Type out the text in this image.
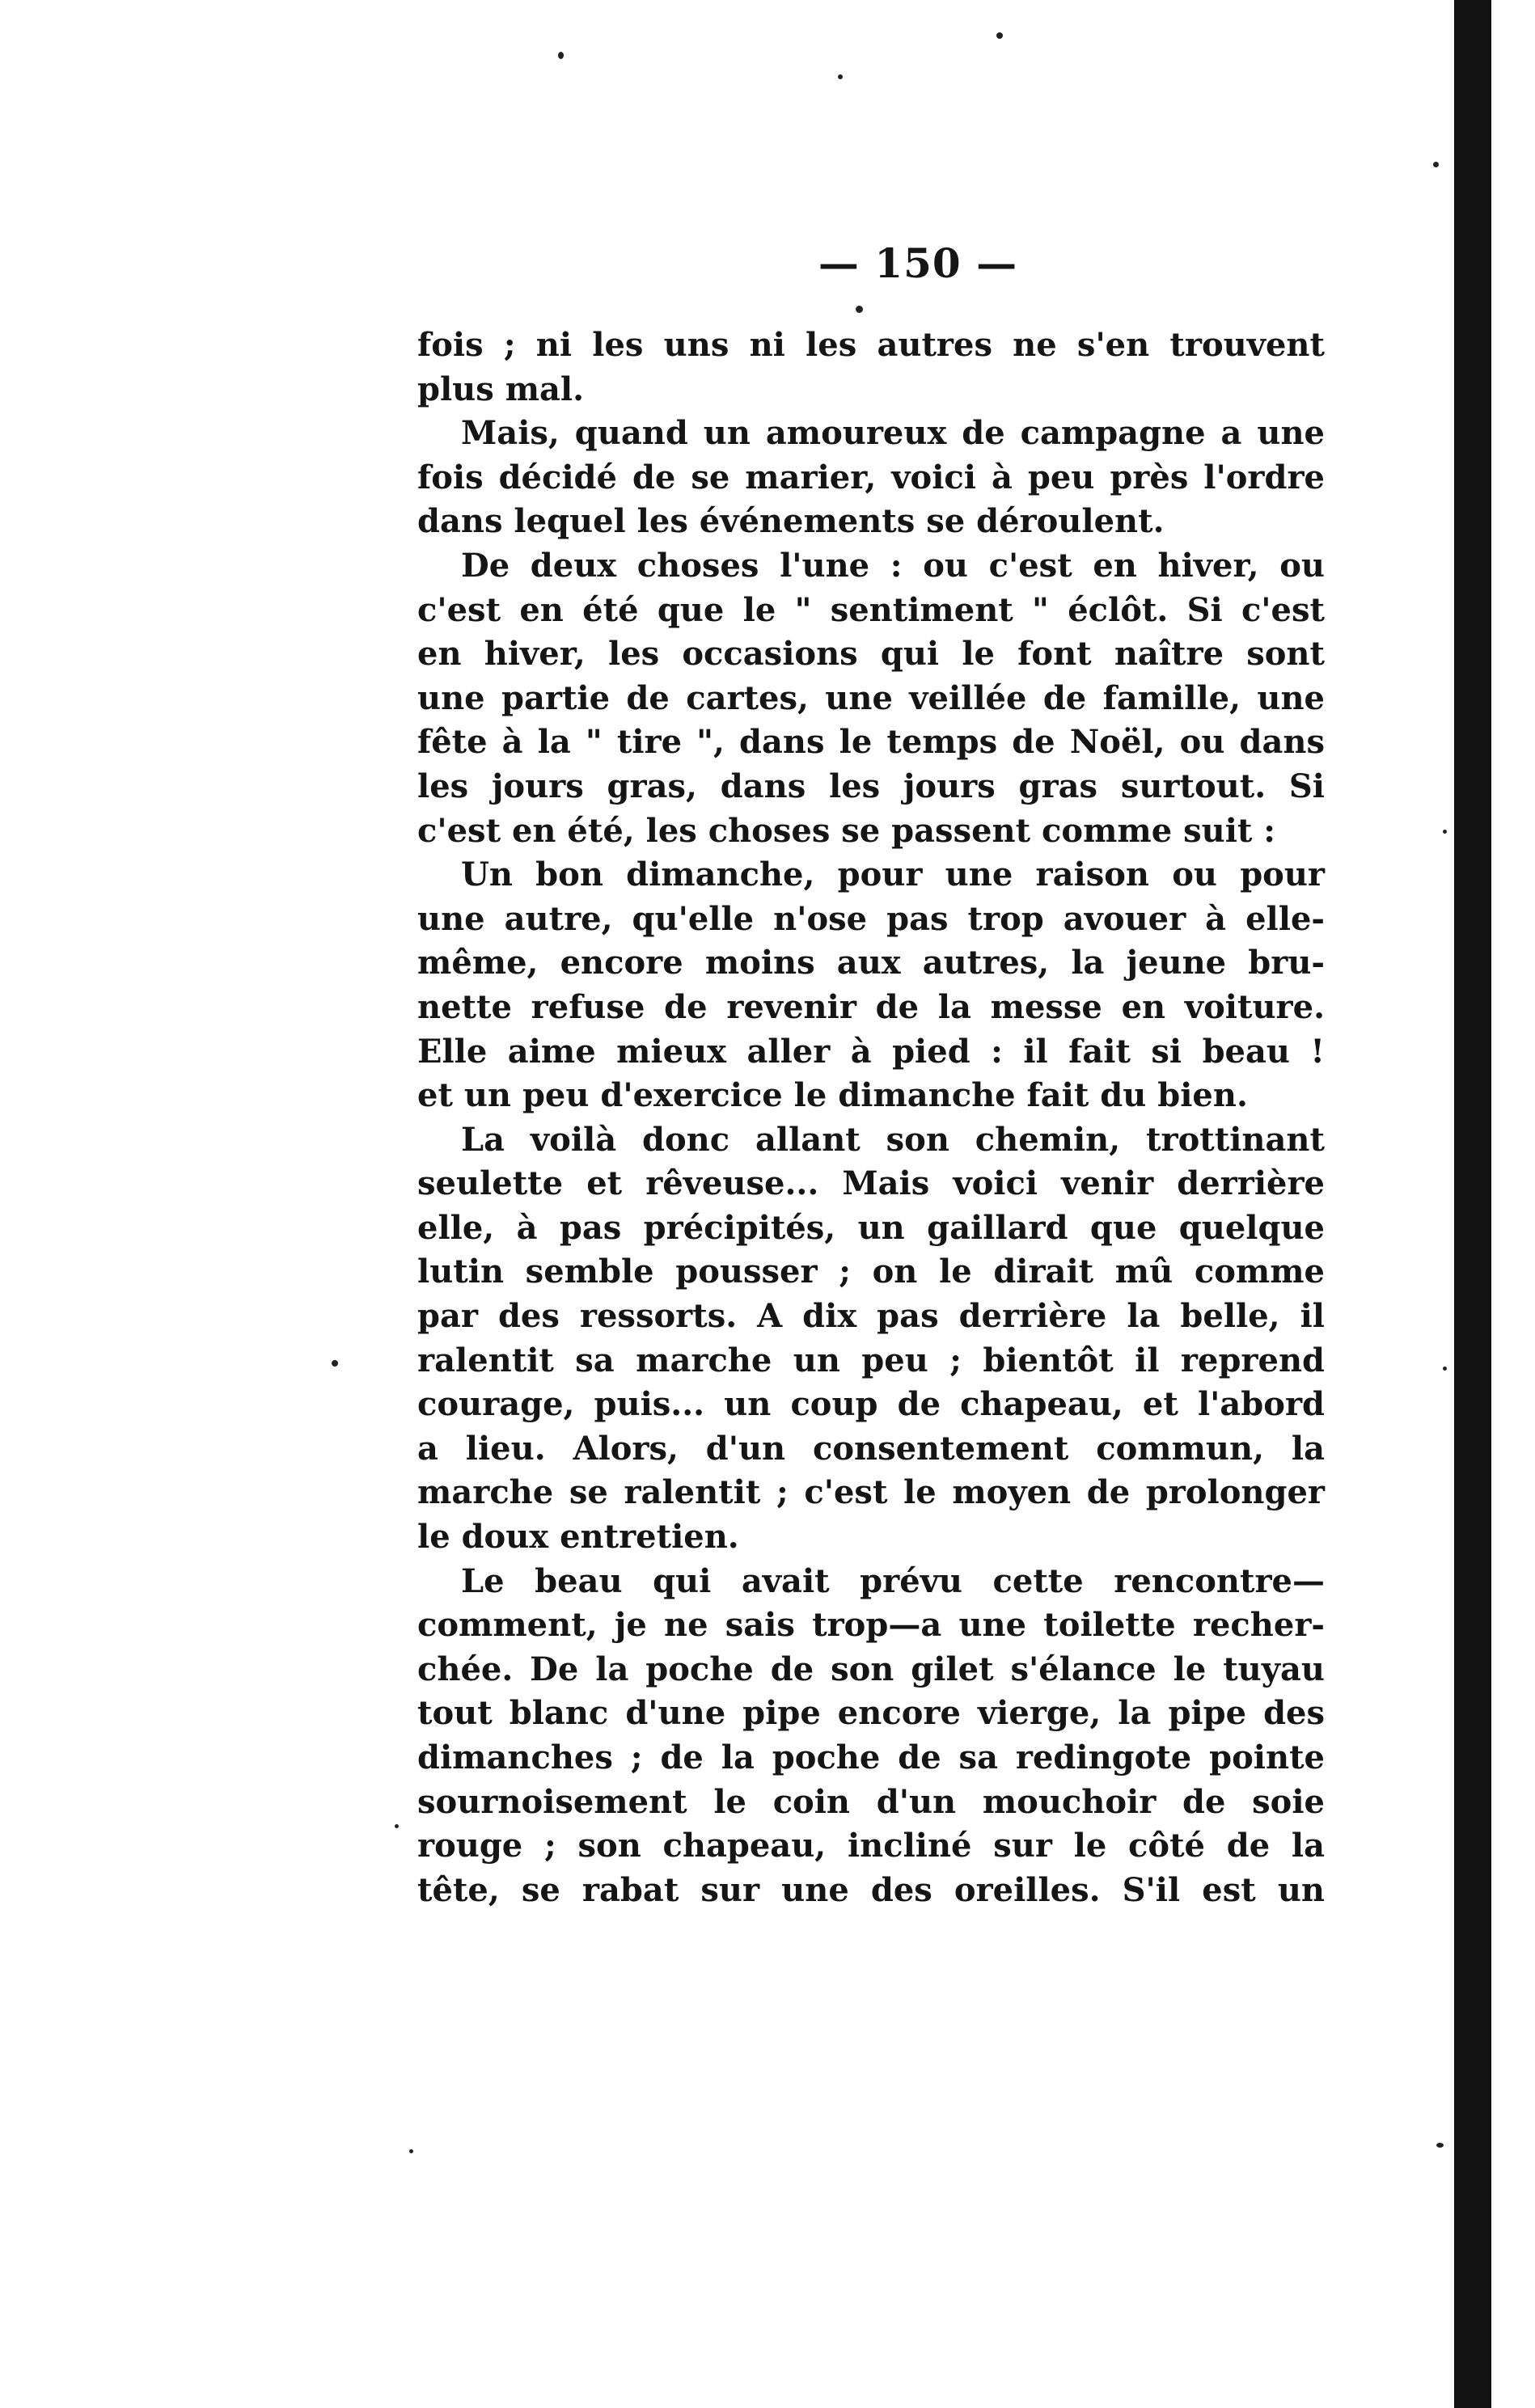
— 150 —
fois ; ni les uns ni les autres ne s'en trouvent
plus mal.
Mais, quand un amoureux de campagne a une
fois décidé de se marier, voici à peu près l'ordre
dans lequel les événements se déroulent.
De deux choses l'une : ou c'est en hiver, ou
c'est en été que le " sentiment " éclôt. Si c'est
en hiver, les occasions qui le font naître sont
une partie de cartes, une veillée de famille, une
fête à la " tire ", dans le temps de Noël, ou dans
les jours gras, dans les jours gras surtout. Si
c'est en été, les choses se passent comme suit :
Un bon dimanche, pour une raison ou pour
une autre, qu'elle n'ose pas trop avouer à elle-
même, encore moins aux autres, la jeune bru-
nette refuse de revenir de la messe en voiture.
Elle aime mieux aller à pied : il fait si beau !
et un peu d'exercice le dimanche fait du bien.
La voilà donc allant son chemin, trottinant
seulette et rêveuse... Mais voici venir derrière
elle, à pas précipités, un gaillard que quelque
lutin semble pousser ; on le dirait mû comme
par des ressorts. A dix pas derrière la belle, il
ralentit sa marche un peu ; bientôt il reprend
courage, puis... un coup de chapeau, et l'abord
a lieu. Alors, d'un consentement commun, la
marche se ralentit ; c'est le moyen de prolonger
le doux entretien.
Le beau qui avait prévu cette rencontre—
comment, je ne sais trop—a une toilette recher-
chée. De la poche de son gilet s'élance le tuyau
tout blanc d'une pipe encore vierge, la pipe des
dimanches ; de la poche de sa redingote pointe
sournoisement le coin d'un mouchoir de soie
rouge ; son chapeau, incliné sur le côté de la
tête, se rabat sur une des oreilles. S'il est un
